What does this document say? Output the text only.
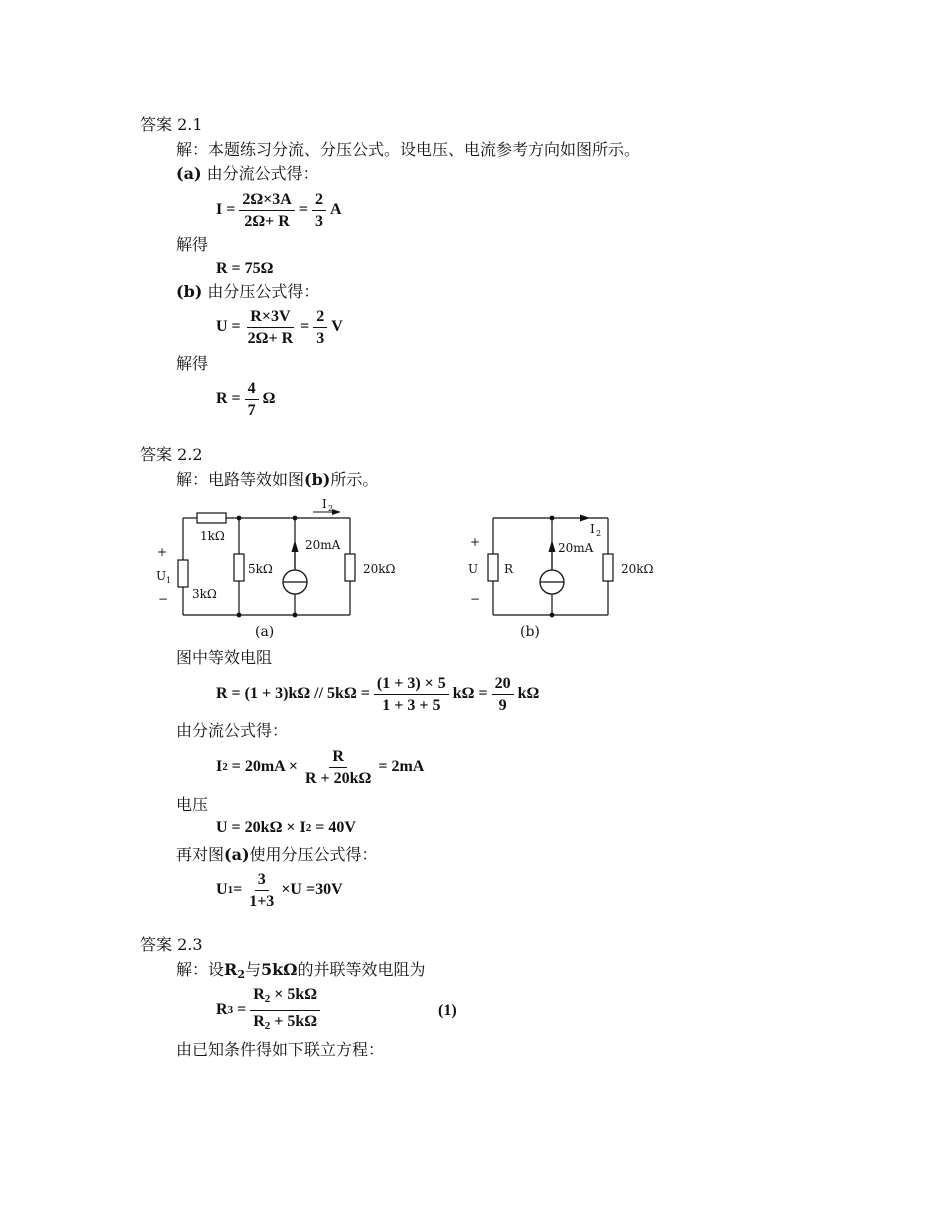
答案 2.1
解：本题练习分流、分压公式。设电压、电流参考方向如图所示。
(a) 由分流公式得：
$I = \frac{2\Omega\times 3A}{2\Omega+ R} = \frac{2}{3}$ A
解得
R = 75Ω
(b) 由分压公式得：
$U = \frac{R\times 3V}{2\Omega+ R} = \frac{2}{3}$ V
解得
$R = \frac{4}{7}$ Ω
答案 2.2
解：电路等效如图(b)所示。
I 2
1kΩ
20mA
5kΩ	20kΩ
3kΩ
+
U 1
−
(a)
I 2
20mA
R	20kΩ
+
U
−
(b)
图中等效电阻
$R = (1 + 3)k\Omega // 5k\Omega = \frac{(1 + 3) \times 5}{1 + 3 + 5}$ $k\Omega = \frac{20}{9}$ kΩ
由分流公式得：
I 2
= $20mA \times \frac{R}{R + 20k\Omega} = 2mA$
电压
U = 20kΩ × I 2
= 40V
再对图(a)使用分压公式得：
U $1 = \frac{3}{1+3} \times U =30V$
答案 2.3
解：设$R_2$与5kΩ的并联等效电阻为
R 3
= $\frac{R_2 \times 5k\Omega}{R_2 + 5k\Omega}$	(1)
由已知条件得如下联立方程：
